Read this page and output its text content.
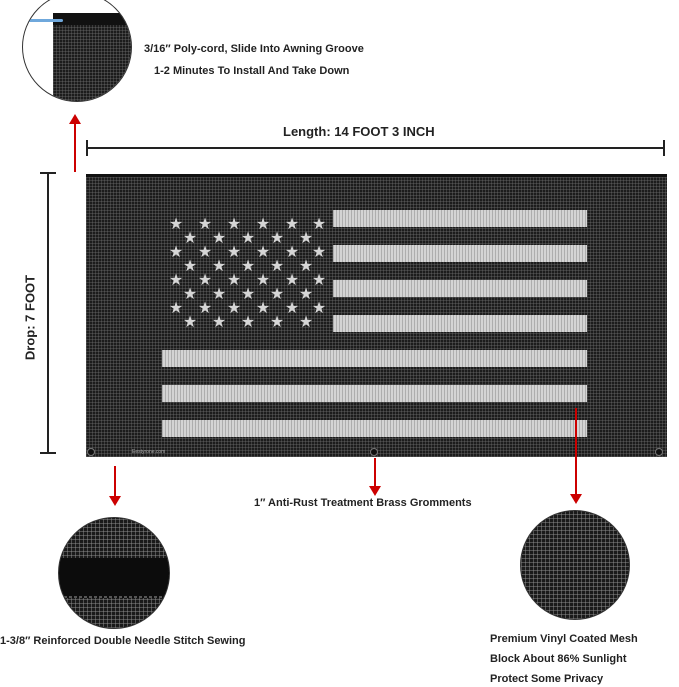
3/16″ Poly-cord, Slide Into Awning Groove
1-2 Minutes To Install And Take Down
Length: 14 FOOT 3 INCH
Drop: 7 FOOT
★ ★ ★ ★ ★ ★
★ ★ ★ ★ ★
★ ★ ★ ★ ★ ★
★ ★ ★ ★ ★
★ ★ ★ ★ ★ ★
★ ★ ★ ★ ★
★ ★ ★ ★ ★ ★
★ ★ ★ ★ ★
Eestyrone.com
1″ Anti-Rust Treatment Brass Gromments
1-3/8″ Reinforced Double Needle Stitch Sewing	Premium Vinyl Coated Mesh
Block About 86% Sunlight
Protect Some Privacy
